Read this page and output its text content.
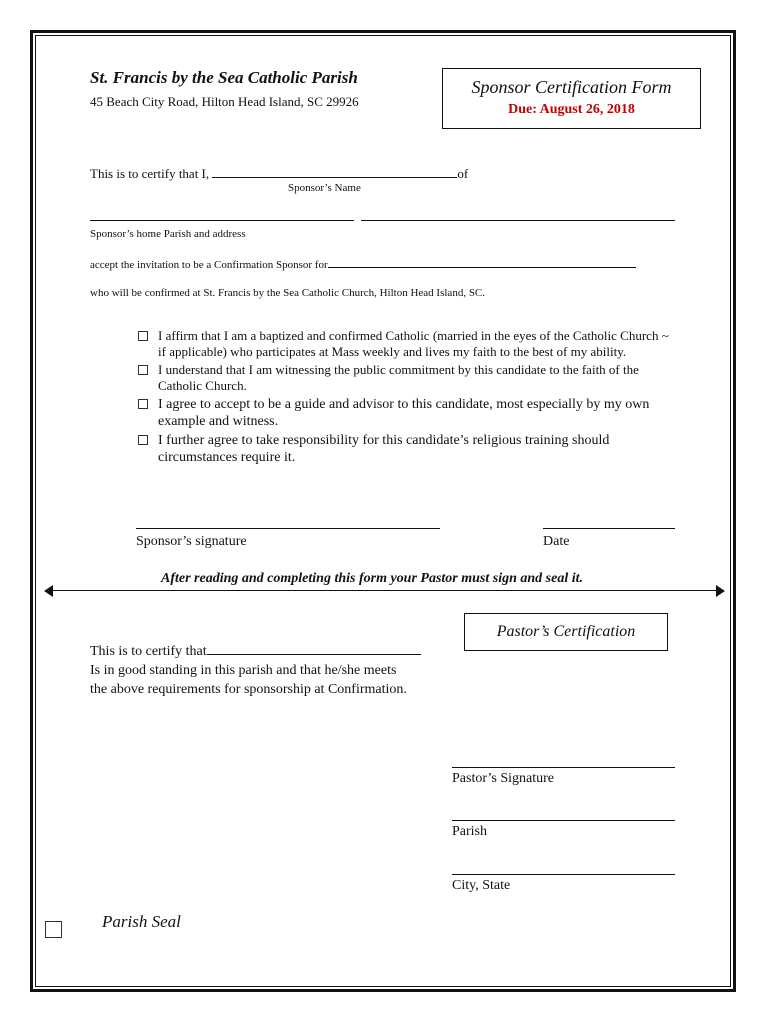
St. Francis by the Sea Catholic Parish
45 Beach City Road, Hilton Head Island, SC 29926
Sponsor Certification Form
Due: August 26, 2018
This is to certify that I,	of
Sponsor’s Name
Sponsor’s home Parish and address
accept the invitation to be a Confirmation Sponsor for
who will be confirmed at St. Francis by the Sea Catholic Church, Hilton Head Island, SC.
I affirm that I am a baptized and confirmed Catholic (married in the eyes of the Catholic Church ~ if applicable) who participates at Mass weekly and lives my faith to the best of my ability.
I understand that I am witnessing the public commitment by this candidate to the faith of the Catholic Church.
I agree to accept to be a guide and advisor to this candidate, most especially by my own example and witness.
I further agree to take responsibility for this candidate’s religious training should circumstances require it.
Sponsor’s signature	Date
After reading and completing this form your Pastor must sign and seal it.
Pastor’s Certification
This is to certify that
Is in good standing in this parish and that he/she meets
the above requirements for sponsorship at Confirmation.
Pastor’s Signature
Parish
City, State
Parish Seal
